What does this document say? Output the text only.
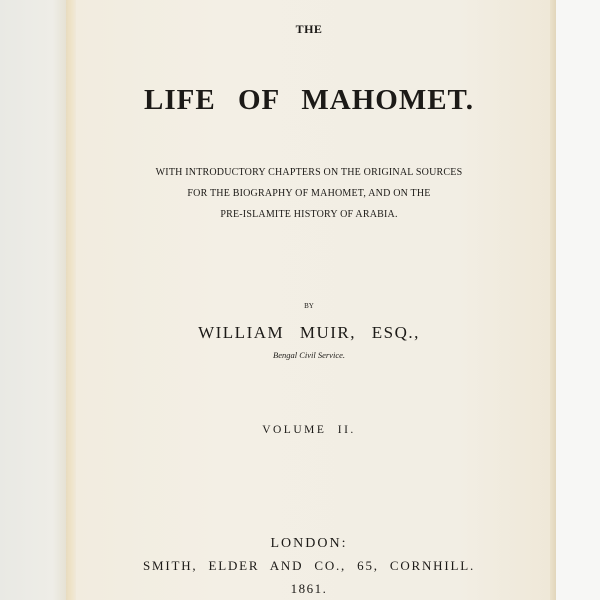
THE
LIFE OF MAHOMET.
WITH INTRODUCTORY CHAPTERS ON THE ORIGINAL SOURCES
FOR THE BIOGRAPHY OF MAHOMET, AND ON THE
PRE-ISLAMITE HISTORY OF ARABIA.
BY
WILLIAM MUIR, ESQ.,
Bengal Civil Service.
VOLUME II.
LONDON:
SMITH, ELDER AND CO., 65, CORNHILL.
1861.
